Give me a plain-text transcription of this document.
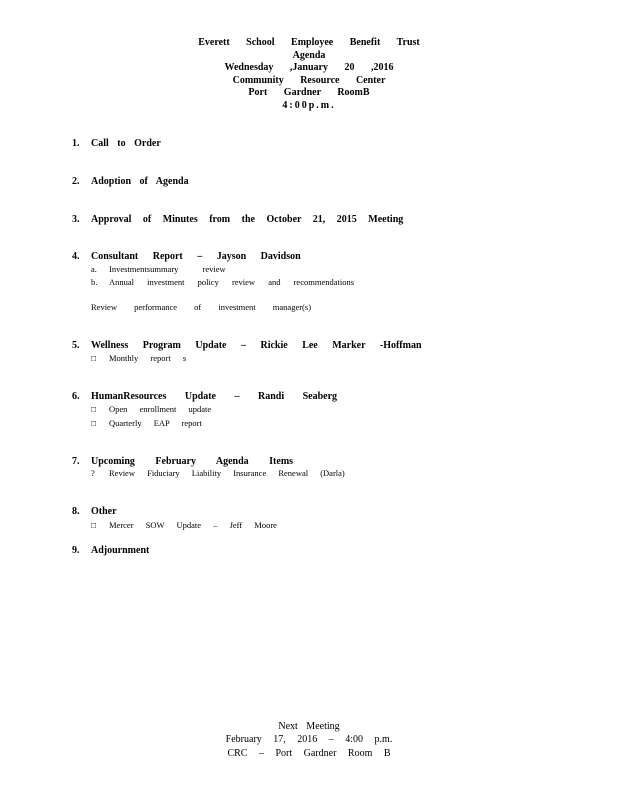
Everett School Employee Benefit Trust
Agenda
Wednesday ,January 20 ,2016
Community Resource Center
Port Gardner RoomB
4:00p.m.
1. Call to Order
2. Adoption of Agenda
3. Approval of Minutes from the October 21, 2015 Meeting
4. Consultant Report – Jayson Davidson
a. Investmentsummary review
b. Annual investment policy review and recommendations
Review performance of investment manager(s)
5. Wellness Program Update – Rickie Lee Marker -Hoffman
□ Monthly report s
6. HumanResources Update – Randi Seaberg
□ Open enrollment update
□ Quarterly EAP report
7. Upcoming February Agenda Items
? Review Fiduciary Liability Insurance Renewal (Darla)
8. Other
□ Mercer SOW Update – Jeff Moore
9. Adjournment
Next Meeting
February 17, 2016 – 4:00 p.m.
CRC – Port Gardner Room B
